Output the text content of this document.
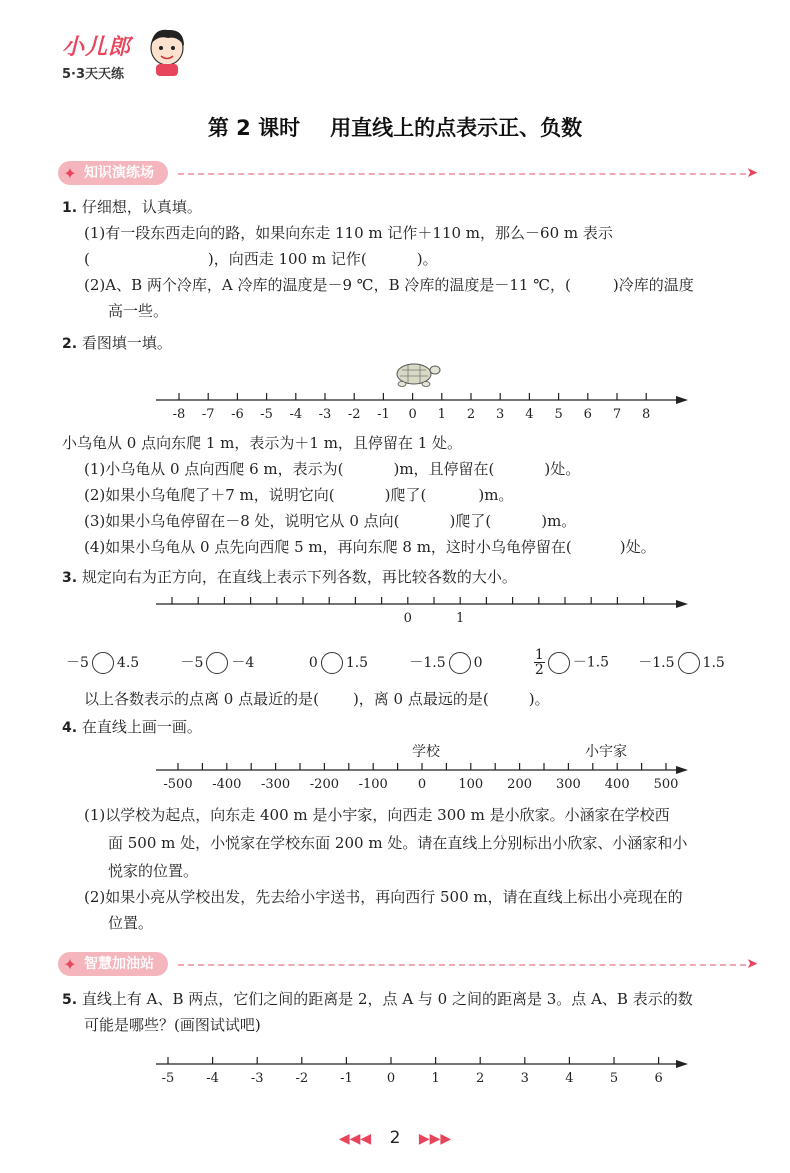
小儿郎
5·3天天练
第 2 课时 用直线上的点表示正、负数
✦ 知识演练场	➤
1. 仔细想，认真填。
(1)有一段东西走向的路，如果向东走 110 m 记作＋110 m，那么－60 m 表示
(	)，向西走 100 m 记作(	)。
(2)A、B 两个冷库，A 冷库的温度是－9 ℃，B 冷库的温度是－11 ℃，(	)冷库的温度
高一些。
2. 看图填一填。
-8 -7 -6 -5 -4 -3 -2 -1 0 1 2 3 4 5 6 7 8
小乌龟从 0 点向东爬 1 m，表示为＋1 m，且停留在 1 处。
(1)小乌龟从 0 点向西爬 6 m，表示为(	)m，且停留在(	)处。
(2)如果小乌龟爬了＋7 m，说明它向(	)爬了(	)m。
(3)如果小乌龟停留在－8 处，说明它从 0 点向(	)爬了(	)m。
(4)如果小乌龟从 0 点先向西爬 5 m，再向东爬 8 m，这时小乌龟停留在(	)处。
3. 规定向右为正方向，在直线上表示下列各数，再比较各数的大小。
0	1
－5 4.5	－5 －4	0 1.5	－1.5 0	$\frac{1}{2} -1.5 -1.5$ 1.5
以上各数表示的点离 0 点最近的是( )，离 0 点最远的是(	)。
4. 在直线上画一画。
学校	小宇家
-500 -400 -300 -200 -100 0 100 200 300 400 500
(1)以学校为起点，向东走 400 m 是小宇家，向西走 300 m 是小欣家。小涵家在学校西
面 500 m 处，小悦家在学校东面 200 m 处。请在直线上分别标出小欣家、小涵家和小
悦家的位置。
(2)如果小亮从学校出发，先去给小宇送书，再向西行 500 m，请在直线上标出小亮现在的
位置。
✦ 智慧加油站	➤
5. 直线上有 A、B 两点，它们之间的距离是 2，点 A 与 0 之间的距离是 3。点 A、B 表示的数
可能是哪些？(画图试试吧)
-5 -4 -3 -2 -1	0	1	2	3	4	5	6
◀◀◀ 2 ▶▶▶
